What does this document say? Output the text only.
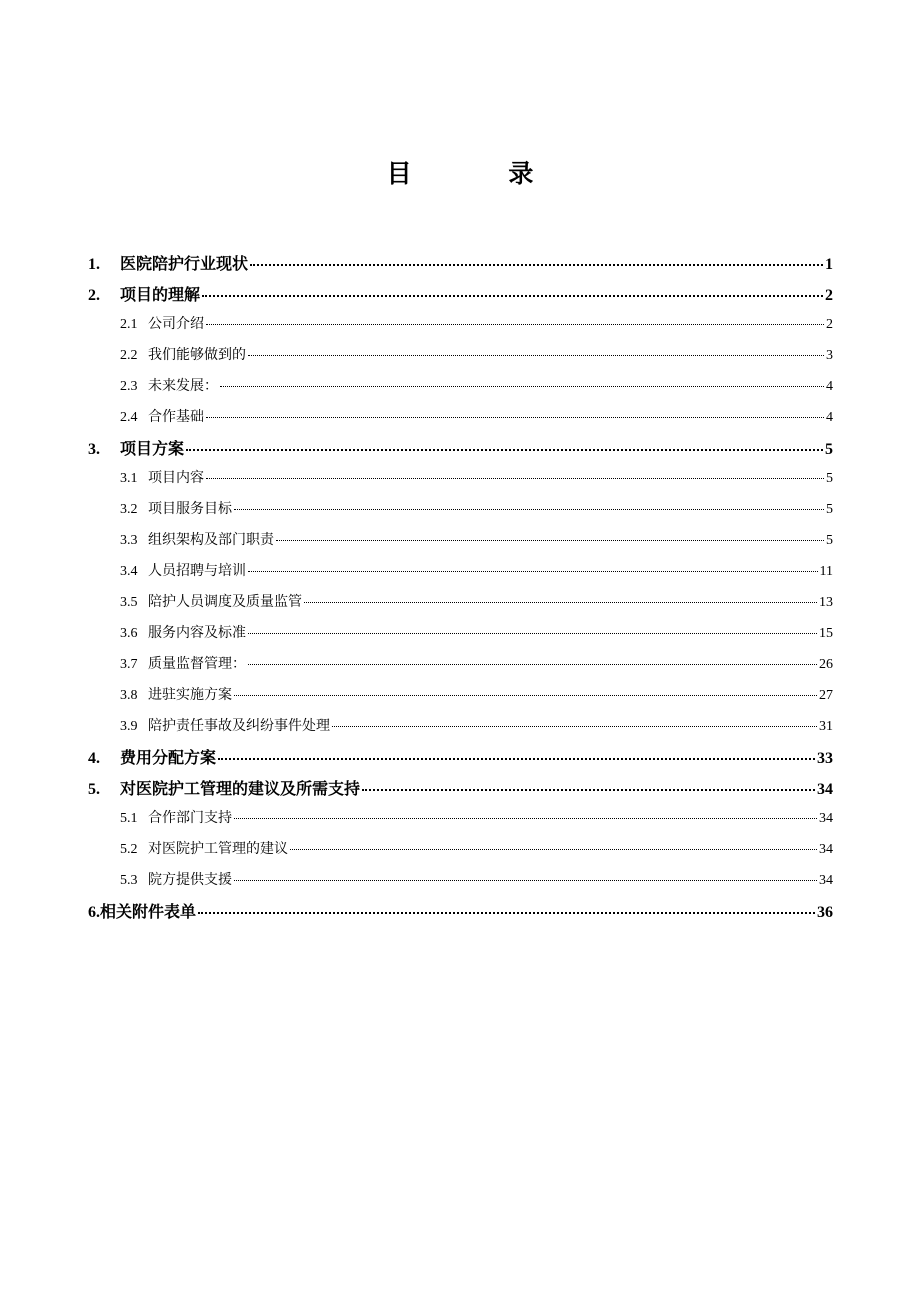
目 录
1.	医院陪护行业现状	1
2.	项目的理解	2
2.1 公司介绍	2
2.2 我们能够做到的	3
2.3 未来发展：	4
2.4 合作基础	4
3.	项目方案	5
3.1 项目内容	5
3.2 项目服务目标	5
3.3 组织架构及部门职责	5
3.4 人员招聘与培训	11
3.5 陪护人员调度及质量监管	13
3.6 服务内容及标准	15
3.7 质量监督管理：	26
3.8 进驻实施方案	27
3.9 陪护责任事故及纠纷事件处理	31
4.	费用分配方案	33
5.	对医院护工管理的建议及所需支持	34
5.1 合作部门支持	34
5.2 对医院护工管理的建议	34
5.3 院方提供支援	34
6. 相关附件表单	36
